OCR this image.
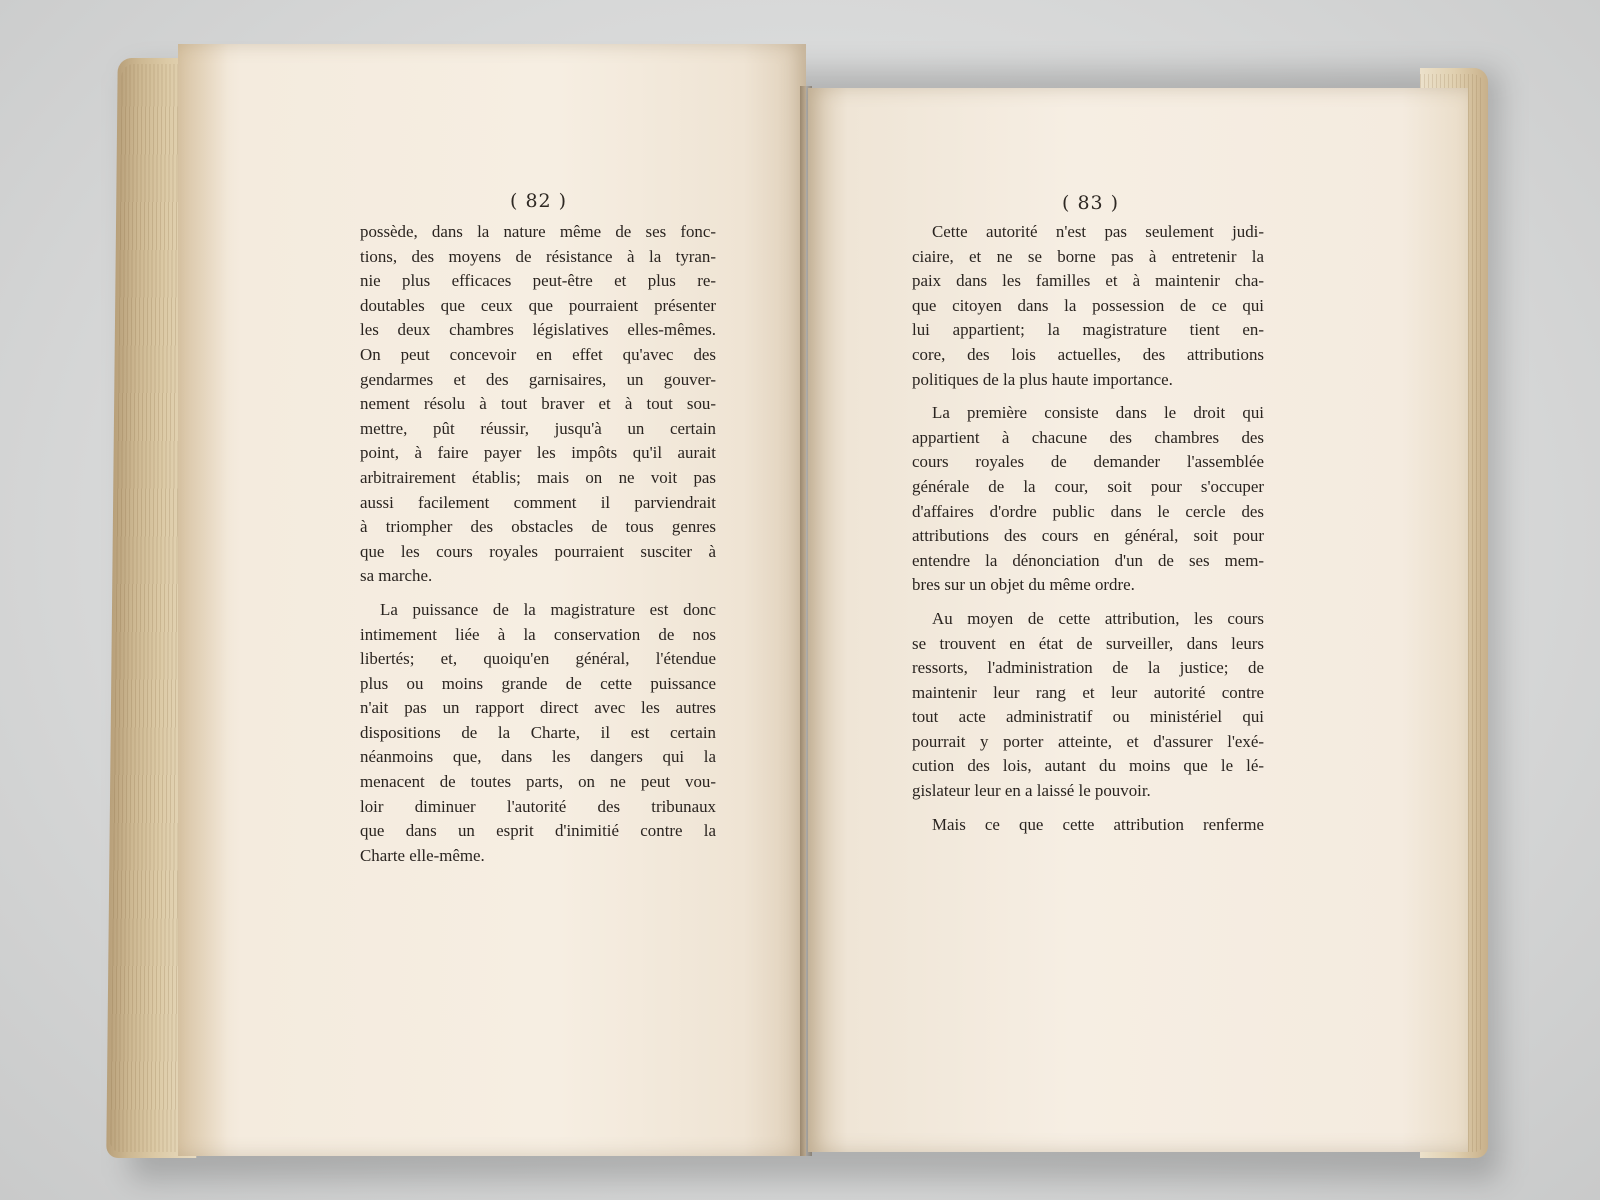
( 82 )

possède, dans la nature même de ses fonc-
tions, des moyens de résistance à la tyran-
nie plus efficaces peut-être et plus re-
doutables que ceux que pourraient présenter
les deux chambres législatives elles-mêmes.
On peut concevoir en effet qu'avec des
gendarmes et des garnisaires, un gouver-
nement résolu à tout braver et à tout sou-
mettre, pût réussir, jusqu'à un certain
point, à faire payer les impôts qu'il aurait
arbitrairement établis; mais on ne voit pas
aussi facilement comment il parviendrait
à triompher des obstacles de tous genres
que les cours royales pourraient susciter à
sa marche.

La puissance de la magistrature est donc
intimement liée à la conservation de nos
libertés; et, quoiqu'en général, l'étendue
plus ou moins grande de cette puissance
n'ait pas un rapport direct avec les autres
dispositions de la Charte, il est certain
néanmoins que, dans les dangers qui la
menacent de toutes parts, on ne peut vou-
loir diminuer l'autorité des tribunaux
que dans un esprit d'inimitié contre la
Charte elle-même.

( 83 )

Cette autorité n'est pas seulement judi-
ciaire, et ne se borne pas à entretenir la
paix dans les familles et à maintenir cha-
que citoyen dans la possession de ce qui
lui appartient; la magistrature tient en-
core, des lois actuelles, des attributions
politiques de la plus haute importance.

La première consiste dans le droit qui
appartient à chacune des chambres des
cours royales de demander l'assemblée
générale de la cour, soit pour s'occuper
d'affaires d'ordre public dans le cercle des
attributions des cours en général, soit pour
entendre la dénonciation d'un de ses mem-
bres sur un objet du même ordre.

Au moyen de cette attribution, les cours
se trouvent en état de surveiller, dans leurs
ressorts, l'administration de la justice; de
maintenir leur rang et leur autorité contre
tout acte administratif ou ministériel qui
pourrait y porter atteinte, et d'assurer l'exé-
cution des lois, autant du moins que le lé-
gislateur leur en a laissé le pouvoir.

Mais ce que cette attribution renferme
